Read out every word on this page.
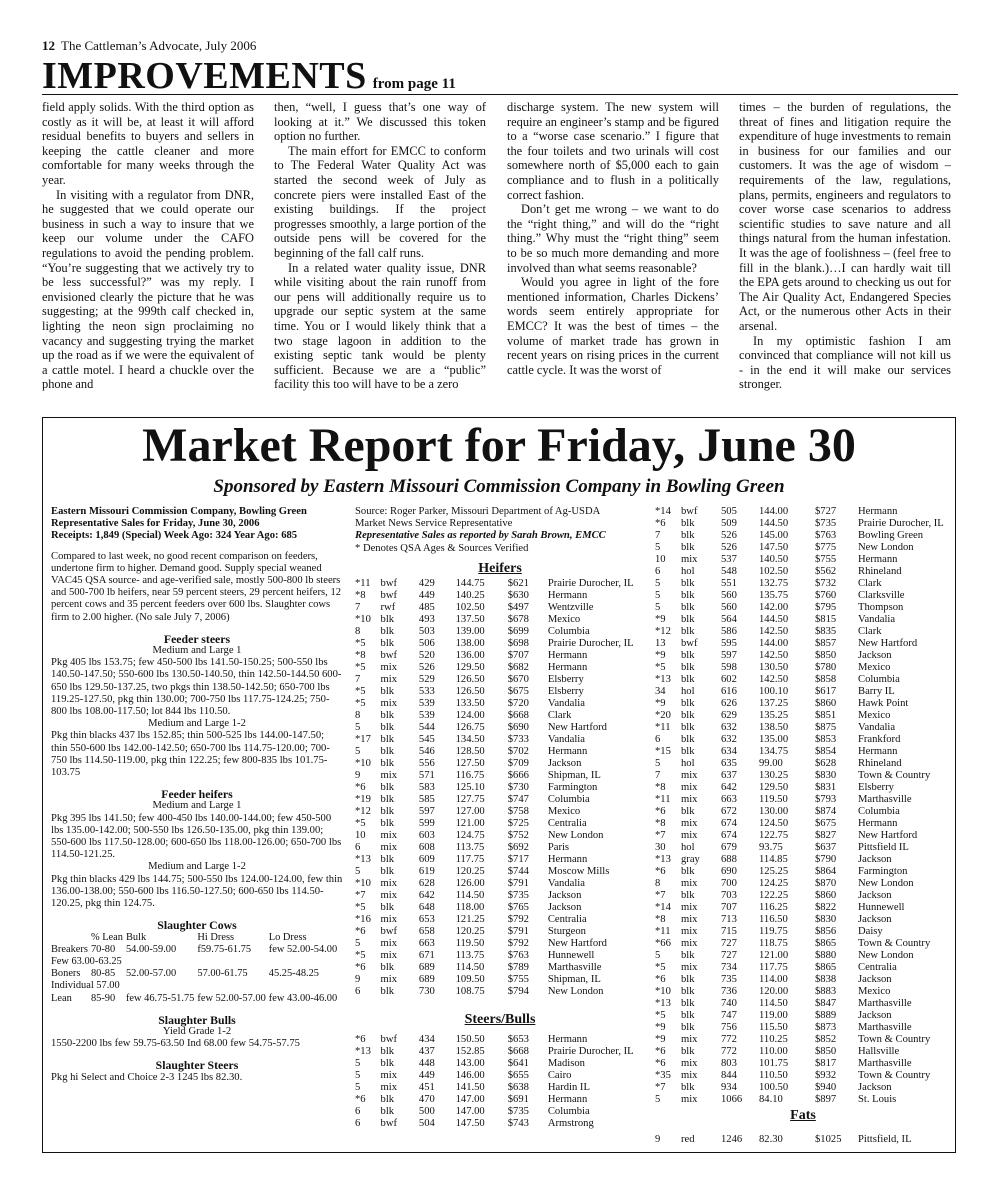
12 The Cattleman’s Advocate, July 2006
IMPROVEMENTS from page 11

field apply solids. With the third option as costly as it will be, at least it will afford residual benefits to buyers and sellers in keeping the cattle cleaner and more comfortable for many weeks through the year.

In visiting with a regulator from DNR, he suggested that we could operate our business in such a way to insure that we keep our volume under the CAFO regulations to avoid the pending problem. “You’re suggesting that we actively try to be less successful?” was my reply. I envisioned clearly the picture that he was suggesting; at the 999th calf checked in, lighting the neon sign proclaiming no vacancy and suggesting trying the market up the road as if we were the equivalent of a cattle motel. I heard a chuckle over the phone and

then, “well, I guess that’s one way of looking at it.” We discussed this token option no further.

The main effort for EMCC to conform to The Federal Water Quality Act was started the second week of July as concrete piers were installed East of the existing buildings. If the project progresses smoothly, a large portion of the outside pens will be covered for the beginning of the fall calf runs.

In a related water quality issue, DNR while visiting about the rain runoff from our pens will additionally require us to upgrade our septic system at the same time. You or I would likely think that a two stage lagoon in addition to the existing septic tank would be plenty sufficient. Because we are a “public” facility this too will have to be a zero

discharge system. The new system will require an engineer’s stamp and be figured to a “worse case scenario.” I figure that the four toilets and two urinals will cost somewhere north of $5,000 each to gain compliance and to flush in a politically correct fashion.

Don’t get me wrong – we want to do the “right thing,” and will do the “right thing.” Why must the “right thing” seem to be so much more demanding and more involved than what seems reasonable?

Would you agree in light of the fore mentioned information, Charles Dickens’ words seem entirely appropriate for EMCC? It was the best of times – the volume of market trade has grown in recent years on rising prices in the current cattle cycle. It was the worst of

times – the burden of regulations, the threat of fines and litigation require the expenditure of huge investments to remain in business for our families and our customers. It was the age of wisdom – requirements of the law, regulations, plans, permits, engineers and regulators to cover worse case scenarios to address scientific studies to save nature and all things natural from the human infestation. It was the age of foolishness – (feel free to fill in the blank.)…I can hardly wait till the EPA gets around to checking us out for The Air Quality Act, Endangered Species Act, or the numerous other Acts in their arsenal.

In my optimistic fashion I am convinced that compliance will not kill us - in the end it will make our services stronger.

Market Report for Friday, June 30
Sponsored by Eastern Missouri Commission Company in Bowling Green

Eastern Missouri Commission Company, Bowling Green

Representative Sales for Friday, June 30, 2006

Receipts: 1,849 (Special) Week Ago: 324 Year Ago: 685

Compared to last week, no good recent comparison on feeders, undertone firm to higher. Demand good. Supply special weaned VAC45 QSA source- and age-verified sale, mostly 500-800 lb steers and 500-700 lb heifers, near 59 percent steers, 29 percent heifers, 12 percent cows and 35 percent feeders over 600 lbs. Slaughter cows firm to 2.00 higher. (No sale July 7, 2006)

Feeder steers

Medium and Large 1

Pkg 405 lbs 153.75; few 450-500 lbs 141.50-150.25; 500-550 lbs 140.50-147.50; 550-600 lbs 130.50-140.50, thin 142.50-144.50 600-650 lbs 129.50-137.25, two pkgs thin 138.50-142.50; 650-700 lbs 119.25-127.50, pkg thin 130.00; 700-750 lbs 117.75-124.25; 750-800 lbs 108.00-117.50; lot 844 lbs 110.50.

Medium and Large 1-2

Pkg thin blacks 437 lbs 152.85; thin 500-525 lbs 144.00-147.50; thin 550-600 lbs 142.00-142.50; 650-700 lbs 114.75-120.00; 700-750 lbs 114.50-119.00, pkg thin 122.25; few 800-835 lbs 101.75-103.75

Feeder heifers

Medium and Large 1

Pkg 395 lbs 141.50; few 400-450 lbs 140.00-144.00; few 450-500 lbs 135.00-142.00; 500-550 lbs 126.50-135.00, pkg thin 139.00; 550-600 lbs 117.50-128.00; 600-650 lbs 118.00-126.00; 650-700 lbs 114.50-121.25.

Medium and Large 1-2

Pkg thin blacks 429 lbs 144.75; 500-550 lbs 124.00-124.00, few thin 136.00-138.00; 550-600 lbs 116.50-127.50; 600-650 lbs 114.50-120.25, pkg thin 124.75.

Slaughter Cows

	% Lean	Bulk	Hi Dress	Lo Dress
Breakers	70-80	54.00-59.00	f59.75-61.75	few 52.00-54.00
Few 63.00-63.25				
Boners	80-85	52.00-57.00	57.00-61.75	45.25-48.25
Individual 57.00				
Lean	85-90	few 46.75-51.75	few 52.00-57.00	few 43.00-46.00

Slaughter Bulls

Yield Grade 1-2

1550-2200 lbs few 59.75-63.50 Ind 68.00 few 54.75-57.75

Slaughter Steers

Pkg hi Select and Choice 2-3 1245 lbs 82.30.

Source: Roger Parker, Missouri Department of Ag-USDA

Market News Service Representative

Representative Sales as reported by Sarah Brown, EMCC

* Denotes QSA Ages & Sources Verified

Heifers
*11	bwf	429	144.75	$621	Prairie Durocher, IL
*8	bwf	449	140.25	$630	Hermann
7	rwf	485	102.50	$497	Wentzville
*10	blk	493	137.50	$678	Mexico
8	blk	503	139.00	$699	Columbia
*5	blk	506	138.00	$698	Prairie Durocher, IL
*8	bwf	520	136.00	$707	Hermann
*5	mix	526	129.50	$682	Hermann
7	mix	529	126.50	$670	Elsberry
*5	blk	533	126.50	$675	Elsberry
*5	mix	539	133.50	$720	Vandalia
8	blk	539	124.00	$668	Clark
5	blk	544	126.75	$690	New Hartford
*17	blk	545	134.50	$733	Vandalia
5	blk	546	128.50	$702	Hermann
*10	blk	556	127.50	$709	Jackson
9	mix	571	116.75	$666	Shipman, IL
*6	blk	583	125.10	$730	Farmington
*19	blk	585	127.75	$747	Columbia
*12	blk	597	127.00	$758	Mexico
*5	blk	599	121.00	$725	Centralia
10	mix	603	124.75	$752	New London
6	mix	608	113.75	$692	Paris
*13	blk	609	117.75	$717	Hermann
5	blk	619	120.25	$744	Moscow Mills
*10	mix	628	126.00	$791	Vandalia
*7	mix	642	114.50	$735	Jackson
*5	blk	648	118.00	$765	Jackson
*16	mix	653	121.25	$792	Centralia
*6	bwf	658	120.25	$791	Sturgeon
5	mix	663	119.50	$792	New Hartford
*5	mix	671	113.75	$763	Hunnewell
*6	blk	689	114.50	$789	Marthasville
9	mix	689	109.50	$755	Shipman, IL
6	blk	730	108.75	$794	New London
Steers/Bulls
*6	bwf	434	150.50	$653	Hermann
*13	blk	437	152.85	$668	Prairie Durocher, IL
5	blk	448	143.00	$641	Madison
5	mix	449	146.00	$655	Cairo
5	mix	451	141.50	$638	Hardin IL
*6	blk	470	147.00	$691	Hermann
6	blk	500	147.00	$735	Columbia
6	bwf	504	147.50	$743	Armstrong
*14	bwf	505	144.00	$727	Hermann
*6	blk	509	144.50	$735	Prairie Durocher, IL
7	blk	526	145.00	$763	Bowling Green
5	blk	526	147.50	$775	New London
10	mix	537	140.50	$755	Hermann
6	hol	548	102.50	$562	Rhineland
5	blk	551	132.75	$732	Clark
5	blk	560	135.75	$760	Clarksville
5	blk	560	142.00	$795	Thompson
*9	blk	564	144.50	$815	Vandalia
*12	blk	586	142.50	$835	Clark
13	bwf	595	144.00	$857	New Hartford
*9	blk	597	142.50	$850	Jackson
*5	blk	598	130.50	$780	Mexico
*13	blk	602	142.50	$858	Columbia
34	hol	616	100.10	$617	Barry IL
*9	blk	626	137.25	$860	Hawk Point
*20	blk	629	135.25	$851	Mexico
*11	blk	632	138.50	$875	Vandalia
6	blk	632	135.00	$853	Frankford
*15	blk	634	134.75	$854	Hermann
5	hol	635	99.00	$628	Rhineland
7	mix	637	130.25	$830	Town & Country
*8	mix	642	129.50	$831	Elsberry
*11	mix	663	119.50	$793	Marthasville
*6	blk	672	130.00	$874	Columbia
*8	mix	674	124.50	$675	Hermann
*7	mix	674	122.75	$827	New Hartford
30	hol	679	93.75	$637	Pittsfield IL
*13	gray	688	114.85	$790	Jackson
*6	blk	690	125.25	$864	Farmington
8	mix	700	124.25	$870	New London
*7	blk	703	122.25	$860	Jackson
*14	mix	707	116.25	$822	Hunnewell
*8	mix	713	116.50	$830	Jackson
*11	mix	715	119.75	$856	Daisy
*66	mix	727	118.75	$865	Town & Country
5	blk	727	121.00	$880	New London
*5	mix	734	117.75	$865	Centralia
*6	blk	735	114.00	$838	Jackson
*10	blk	736	120.00	$883	Mexico
*13	blk	740	114.50	$847	Marthasville
*5	blk	747	119.00	$889	Jackson
*9	blk	756	115.50	$873	Marthasville
*9	mix	772	110.25	$852	Town & Country
*6	blk	772	110.00	$850	Hallsville
*6	mix	803	101.75	$817	Marthasville
*35	mix	844	110.50	$932	Town & Country
*7	blk	934	100.50	$940	Jackson
5	mix	1066	84.10	$897	St. Louis
Fats
9	red	1246	82.30	$1025	Pittsfield, IL
